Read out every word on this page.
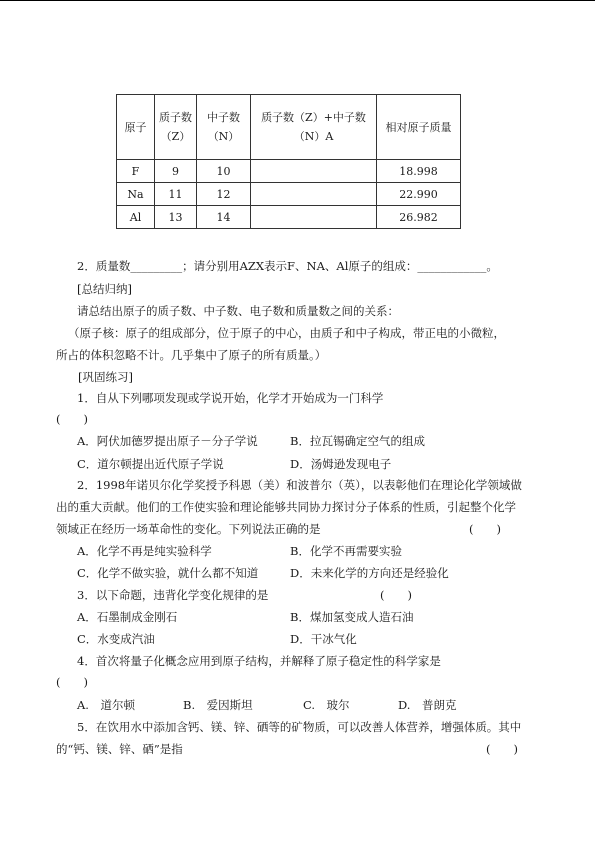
原子	质子数（Z）	中子数（N）	质子数（Z）+中子数（N）A	相对原子质量
F	9	10		18.998
Na	11	12		22.990
Al	13	14		26.982
2．质量数_________；请分别用AZX表示F、NA、Al原子的组成：____________。
[总结归纳]
请总结出原子的质子数、中子数、电子数和质量数之间的关系：
（原子核：原子的组成部分，位于原子的中心，由质子和中子构成，带正电的小微粒，
所占的体积忽略不计。几乎集中了原子的所有质量。）
[巩固练习]
1．自从下列哪项发现或学说开始，化学才开始成为一门科学
(　　)
A．阿伏加德罗提出原子－分子学说	B．拉瓦锡确定空气的组成
C．道尔顿提出近代原子学说	D．汤姆逊发现电子
2．1998年诺贝尔化学奖授予科恩（美）和波普尔（英），以表彰他们在理论化学领域做
出的重大贡献。他们的工作使实验和理论能够共同协力探讨分子体系的性质，引起整个化学
领域正在经历一场革命性的变化。下列说法正确的是	(　　)
A．化学不再是纯实验科学	B．化学不再需要实验
C．化学不做实验，就什么都不知道	D．未来化学的方向还是经验化
3．以下命题，违背化学变化规律的是	(　　)
A．石墨制成金刚石	B．煤加氢变成人造石油
C．水变成汽油	D．干冰气化
4．首次将量子化概念应用到原子结构，并解释了原子稳定性的科学家是
(　　)
A.　道尔顿	B.　爱因斯坦	C.　玻尔	D.　普朗克
5．在饮用水中添加含钙、镁、锌、硒等的矿物质，可以改善人体营养，增强体质。其中
的“钙、镁、锌、硒”是指	(　　)
